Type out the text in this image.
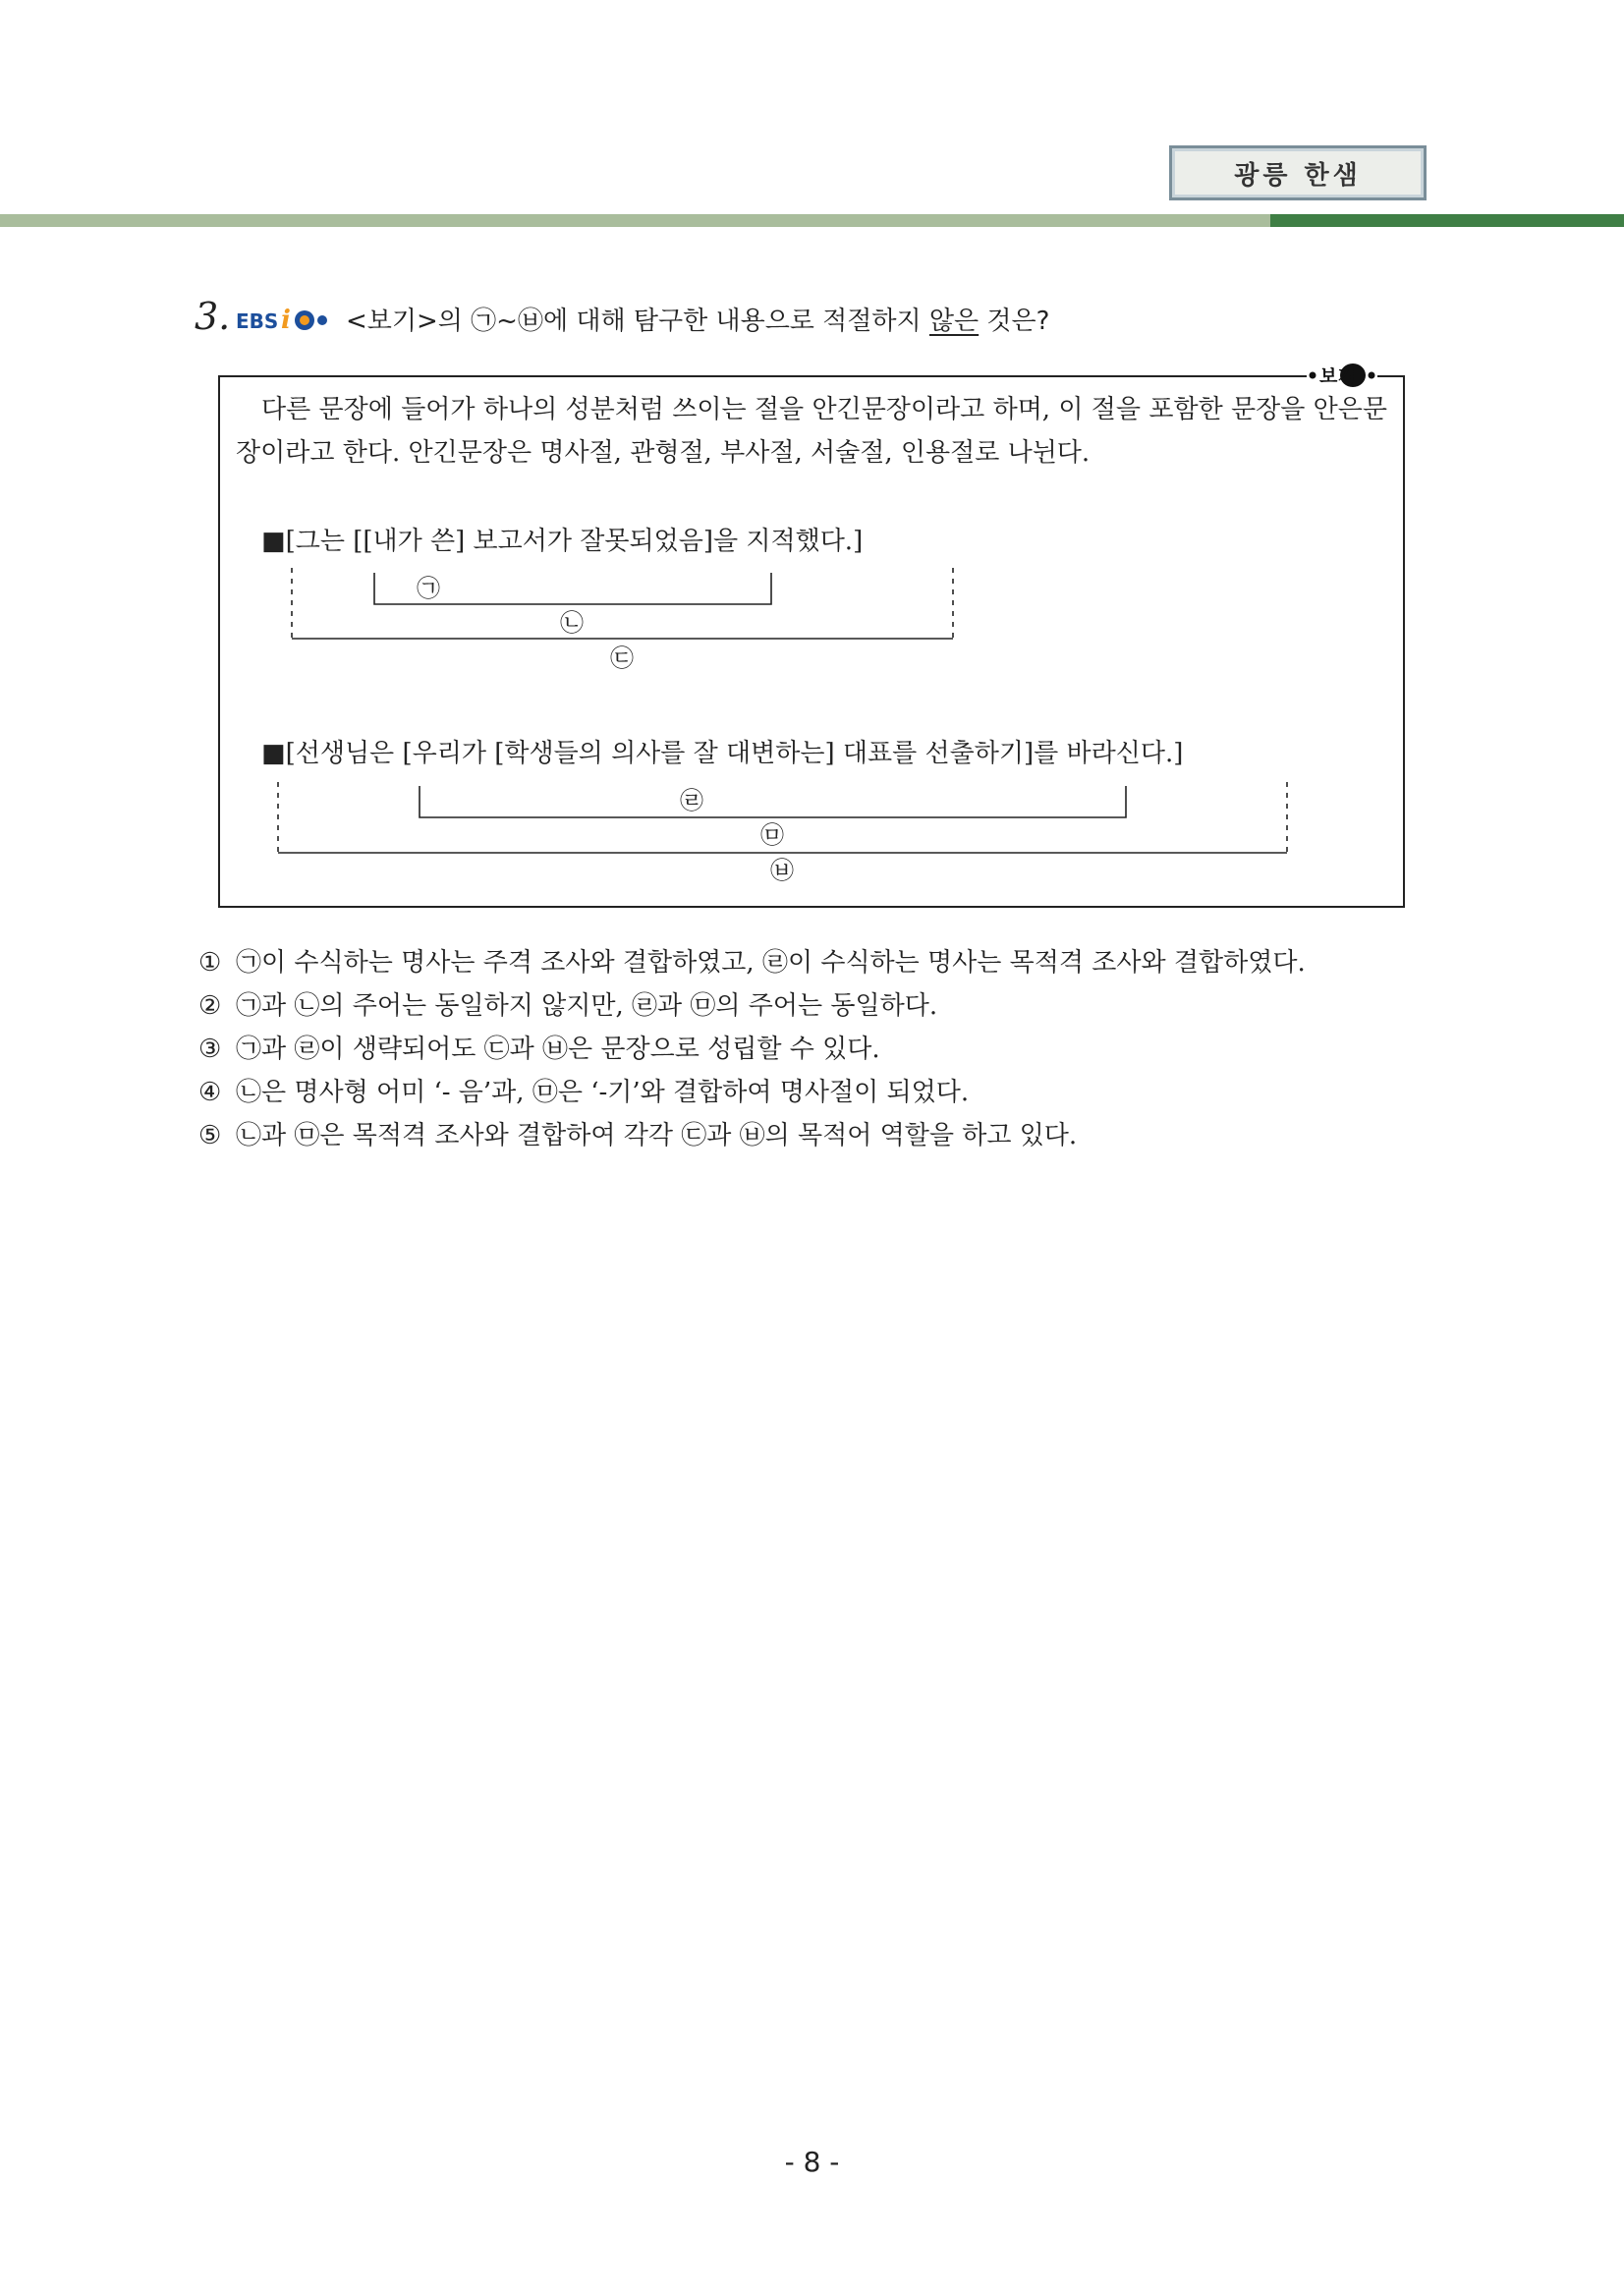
광릉 한샘
3. EBS i <보기>의 ㉠~㉥에 대해 탐구한 내용으로 적절하지 않은 것은?
보기
다른 문장에 들어가 하나의 성분처럼 쓰이는 절을 안긴문장이라고 하며, 이 절을 포함한 문장을 안은문장이라고 한다. 안긴문장은 명사절, 관형절, 부사절, 서술절, 인용절로 나뉜다.
■[그는 [[내가 쓴] 보고서가 잘못되었음]을 지적했다.]
■[선생님은 [우리가 [학생들의 의사를 잘 대변하는] 대표를 선출하기]를 바라신다.]
㉠
㉡
㉢
㉣
㉤
㉥
① ㉠이 수식하는 명사는 주격 조사와 결합하였고, ㉣이 수식하는 명사는 목적격 조사와 결합하였다.
② ㉠과 ㉡의 주어는 동일하지 않지만, ㉣과 ㉤의 주어는 동일하다.
③ ㉠과 ㉣이 생략되어도 ㉢과 ㉥은 문장으로 성립할 수 있다.
④ ㉡은 명사형 어미 ‘- 음’과, ㉤은 ‘-기’와 결합하여 명사절이 되었다.
⑤ ㉡과 ㉤은 목적격 조사와 결합하여 각각 ㉢과 ㉥의 목적어 역할을 하고 있다.
- 8 -
